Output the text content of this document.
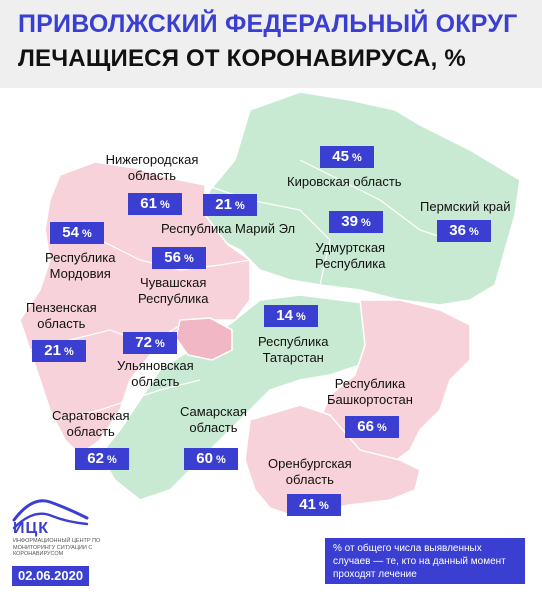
ПРИВОЛЖСКИЙ ФЕДЕРАЛЬНЫЙ ОКРУГ
ЛЕЧАЩИЕСЯ ОТ КОРОНАВИРУСА, %
45 %
Кировская область
Нижегородская
область
61 %	21 %
Республика Марий Эл
Пермский край
36 %
39 %
Удмуртская
Республика
54 %
Республика
Мордовия
56 %
Чувашская
Республика
Пензенская
область
21 %
72 %
Ульяновская
область
14 %
Республика
Татарстан
Республика
Башкортостан
66 %
Саратовская
область
62 %
Самарская
область
60 %	Оренбургская
область
41 %
ИЦК
ИНФОРМАЦИОННЫЙ ЦЕНТР ПО МОНИТОРИНГУ СИТУАЦИИ С КОРОНАВИРУСОМ
02.06.2020
% от общего числа выявленных случаев — те, кто на данный момент проходят лечение
